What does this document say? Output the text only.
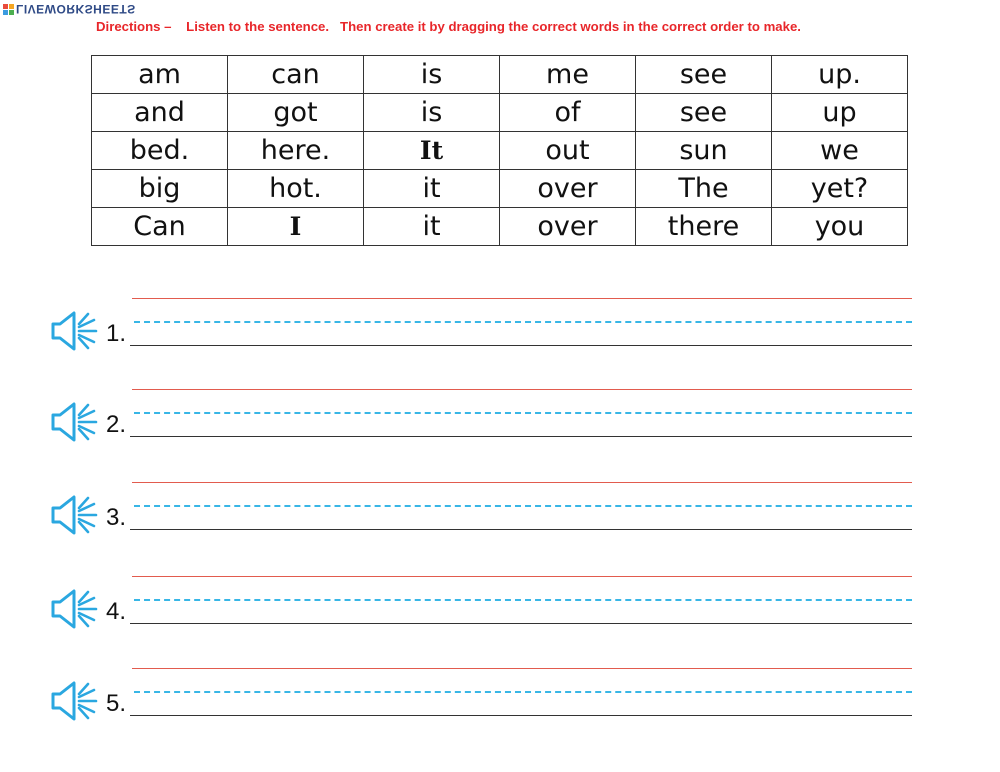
LIVEWORKSHEETS
Directions –    Listen to the sentence.   Then create it by dragging the correct words in the correct order to make.
am	can	is	me	see	up.
and	got	is	of	see	up
bed.	here.	It	out	sun	we
big	hot.	it	over	The	yet?
Can	I	it	over	there	you
1.
2.
3.
4.
5.
